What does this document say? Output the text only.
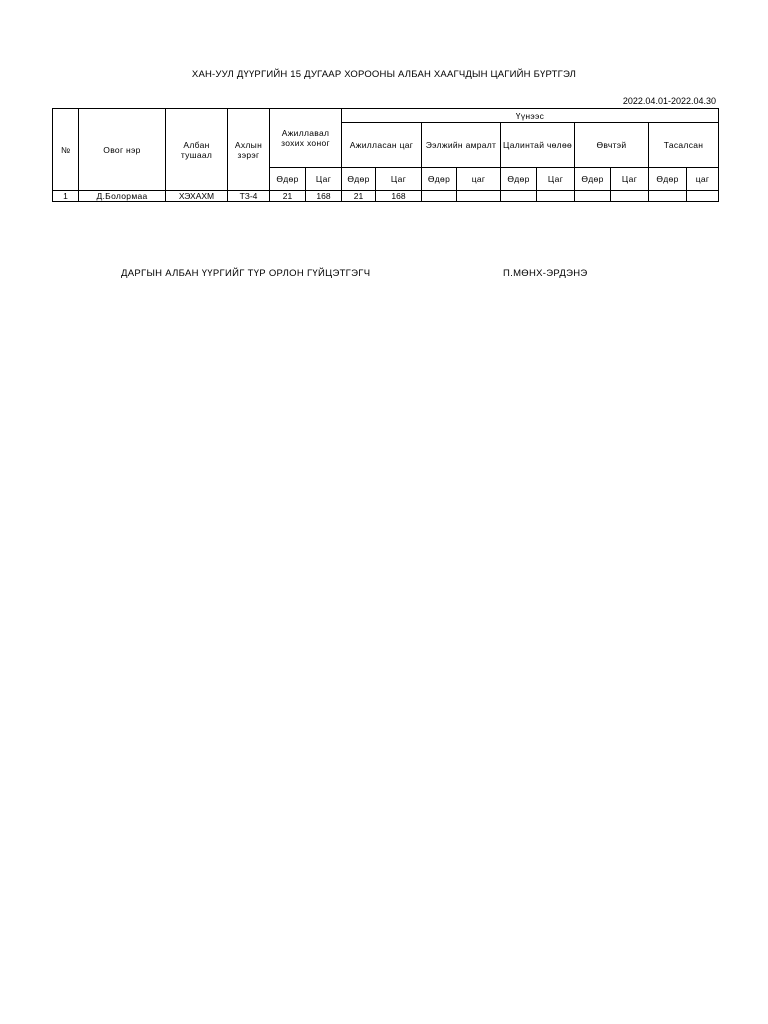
ХАН-УУЛ ДҮҮРГИЙН 15 ДУГААР ХОРООНЫ АЛБАН ХААГЧДЫН ЦАГИЙН БҮРТГЭЛ
2022.04.01-2022.04.30
№	Овог нэр	Албан тушаал	Ахлын зэрэг	Ажиллавал зохих хоног		Үүнээс									
						Ажилласан цаг		Ээлжийн амралт		Цалинтай чөлөө		Өвчтэй		Тасалсан	
				Өдөр	Цаг	Өдөр	Цаг	Өдөр	цаг	Өдөр	Цаг	Өдөр	Цаг	Өдөр	цаг
1	Д.Болормаа	ХЭХАХМ	ТЗ-4	21	168	21	168								
ДАРГЫН АЛБАН ҮҮРГИЙГ ТҮР ОРЛОН ГҮЙЦЭТГЭГЧ	П.МӨНХ-ЭРДЭНЭ
